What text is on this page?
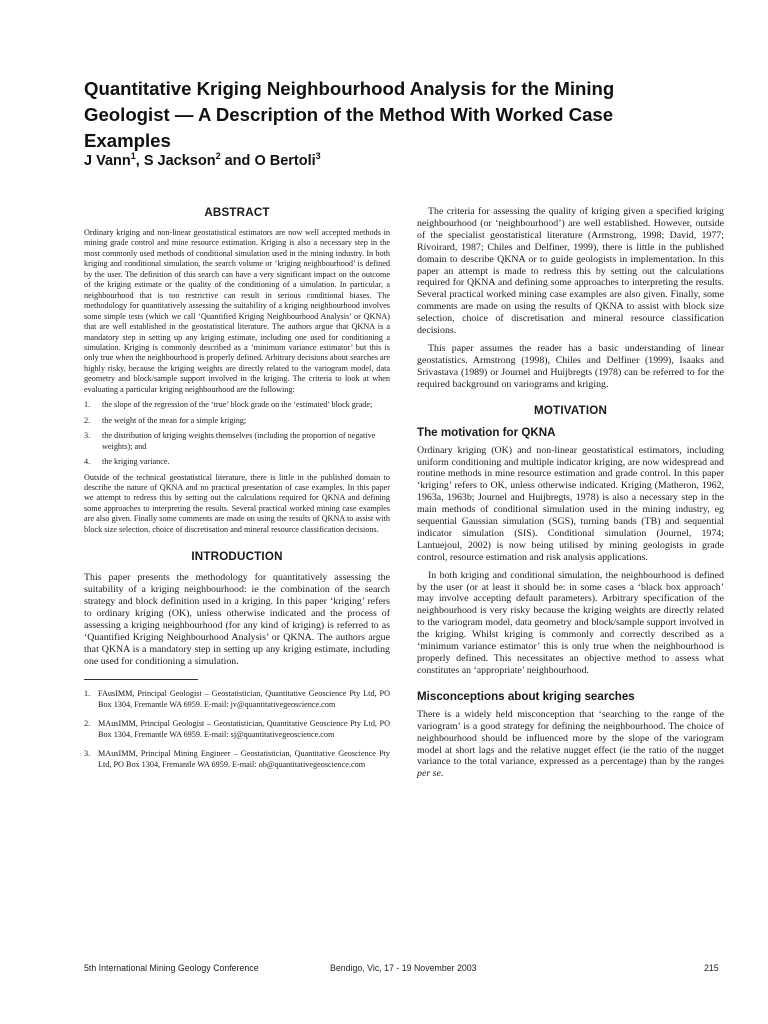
Quantitative Kriging Neighbourhood Analysis for the Mining Geologist — A Description of the Method With Worked Case Examples

J Vann$^1$, S Jackson$^2$ and O Bertoli$^3$

ABSTRACT

Ordinary kriging and non-linear geostatistical estimators are now well accepted methods in mining grade control and mine resource estimation. Kriging is also a necessary step in the most commonly used methods of conditional simulation used in the mining industry. In both kriging and conditional simulation, the search volume or ‘kriging neighbourhood’ is defined by the user. The definition of this search can have a very significant impact on the outcome of the kriging estimate or the quality of the conditioning of a simulation. In particular, a neighbourhood that is too restrictive can result in serious conditional biases. The methodology for quantitatively assessing the suitability of a kriging neighbourhood involves some simple tests (which we call ‘Quantified Kriging Neighbourhood Analysis’ or QKNA) that are well established in the geostatistical literature. The authors argue that QKNA is a mandatory step in setting up any kriging estimate, including one used for conditioning a simulation. Kriging is commonly described as a ‘minimum variance estimator’ but this is only true when the neighbourhood is properly defined. Arbitrary decisions about searches are highly risky, because the kriging weights are directly related to the variogram model, data geometry and block/sample support involved in the kriging. The criteria to look at when evaluating a particular kriging neighbourhood are the following:

1. the slope of the regression of the ‘true’ block grade on the ‘estimated’ block grade;
2. the weight of the mean for a simple kriging;
3. the distribution of kriging weights themselves (including the proportion of negative weights); and
4. the kriging variance.

Outside of the technical geostatistical literature, there is little in the published domain to describe the nature of QKNA and no practical presentation of case examples. In this paper we attempt to redress this by setting out the calculations required for QKNA and defining some approaches to interpreting the results. Several practical worked mining case examples are also given. Finally some comments are made on using the results of QKNA to assist with block size selection, choice of discretisation and mineral resource classification decisions.

INTRODUCTION

This paper presents the methodology for quantitatively assessing the suitability of a kriging neighbourhood: ie the combination of the search strategy and block definition used in a kriging. In this paper ‘kriging’ refers to ordinary kriging (OK), unless otherwise indicated and the process of assessing a kriging neighbourhood (for any kind of kriging) is referred to as ‘Quantified Kriging Neighbourhood Analysis’ or QKNA. The authors argue that QKNA is a mandatory step in setting up any kriging estimate, including one used for conditioning a simulation.

1. FAusIMM, Principal Geologist – Geostatistician, Quantitative Geoscience Pty Ltd, PO Box 1304, Fremantle WA 6959. E-mail: jv@quantitativegeoscience.com
2. MAusIMM, Principal Geologist – Geostatistician, Quantitative Geoscience Pty Ltd, PO Box 1304, Fremantle WA 6959. E-mail: sj@quantitativegeoscience.com
3. MAusIMM, Principal Mining Engineer – Geostatistician, Quantitative Geoscience Pty Ltd, PO Box 1304, Fremantle WA 6959. E-mail: ob@quantitativegeoscience.com

The criteria for assessing the quality of kriging given a specified kriging neighbourhood (or ‘neighbourhood’) are well established. However, outside of the specialist geostatistical literature (Armstrong, 1998; David, 1977; Rivoirard, 1987; Chiles and Delfiner, 1999), there is little in the published domain to describe QKNA or to guide geologists in implementation. In this paper an attempt is made to redress this by setting out the calculations required for QKNA and defining some approaches to interpreting the results. Several practical worked mining case examples are also given. Finally, some comments are made on using the results of QKNA to assist with block size selection, choice of discretisation and mineral resource classification decisions.

This paper assumes the reader has a basic understanding of linear geostatistics. Armstrong (1998), Chiles and Delfiner (1999), Isaaks and Srivastava (1989) or Journel and Huijbregts (1978) can be referred to for the required background on variograms and kriging.

MOTIVATION
The motivation for QKNA

Ordinary kriging (OK) and non-linear geostatistical estimators, including uniform conditioning and multiple indicator kriging, are now widespread and routine methods in mine resource estimation and grade control. In this paper ‘kriging’ refers to OK, unless otherwise indicated. Kriging (Matheron, 1962, 1963a, 1963b; Journel and Huijbregts, 1978) is also a necessary step in the main methods of conditional simulation used in the mining industry, eg sequential Gaussian simulation (SGS), turning bands (TB) and sequential indicator simulation (SIS). Conditional simulation (Journel, 1974; Lantuejoul, 2002) is now being utilised by mining geologists in grade control, resource estimation and risk analysis applications.

In both kriging and conditional simulation, the neighbourhood is defined by the user (or at least it should be: in some cases a ‘black box approach’ may involve accepting default parameters). Arbitrary specification of the neighbourhood is very risky because the kriging weights are directly related to the variogram model, data geometry and block/sample support involved in the kriging. Whilst kriging is commonly and correctly described as a ‘minimum variance estimator’ this is only true when the neighbourhood is properly defined. This necessitates an objective method to assess what constitutes an ‘appropriate’ neighbourhood.

Misconceptions about kriging searches

There is a widely held misconception that ‘searching to the range of the variogram’ is a good strategy for defining the neighbourhood. The choice of neighbourhood should be influenced more by the slope of the variogram model at short lags and the relative nugget effect (ie the ratio of the nugget variance to the total variance, expressed as a percentage) than by the ranges per se.

5th International Mining Geology Conference	Bendigo, Vic, 17 - 19 November 2003	215
